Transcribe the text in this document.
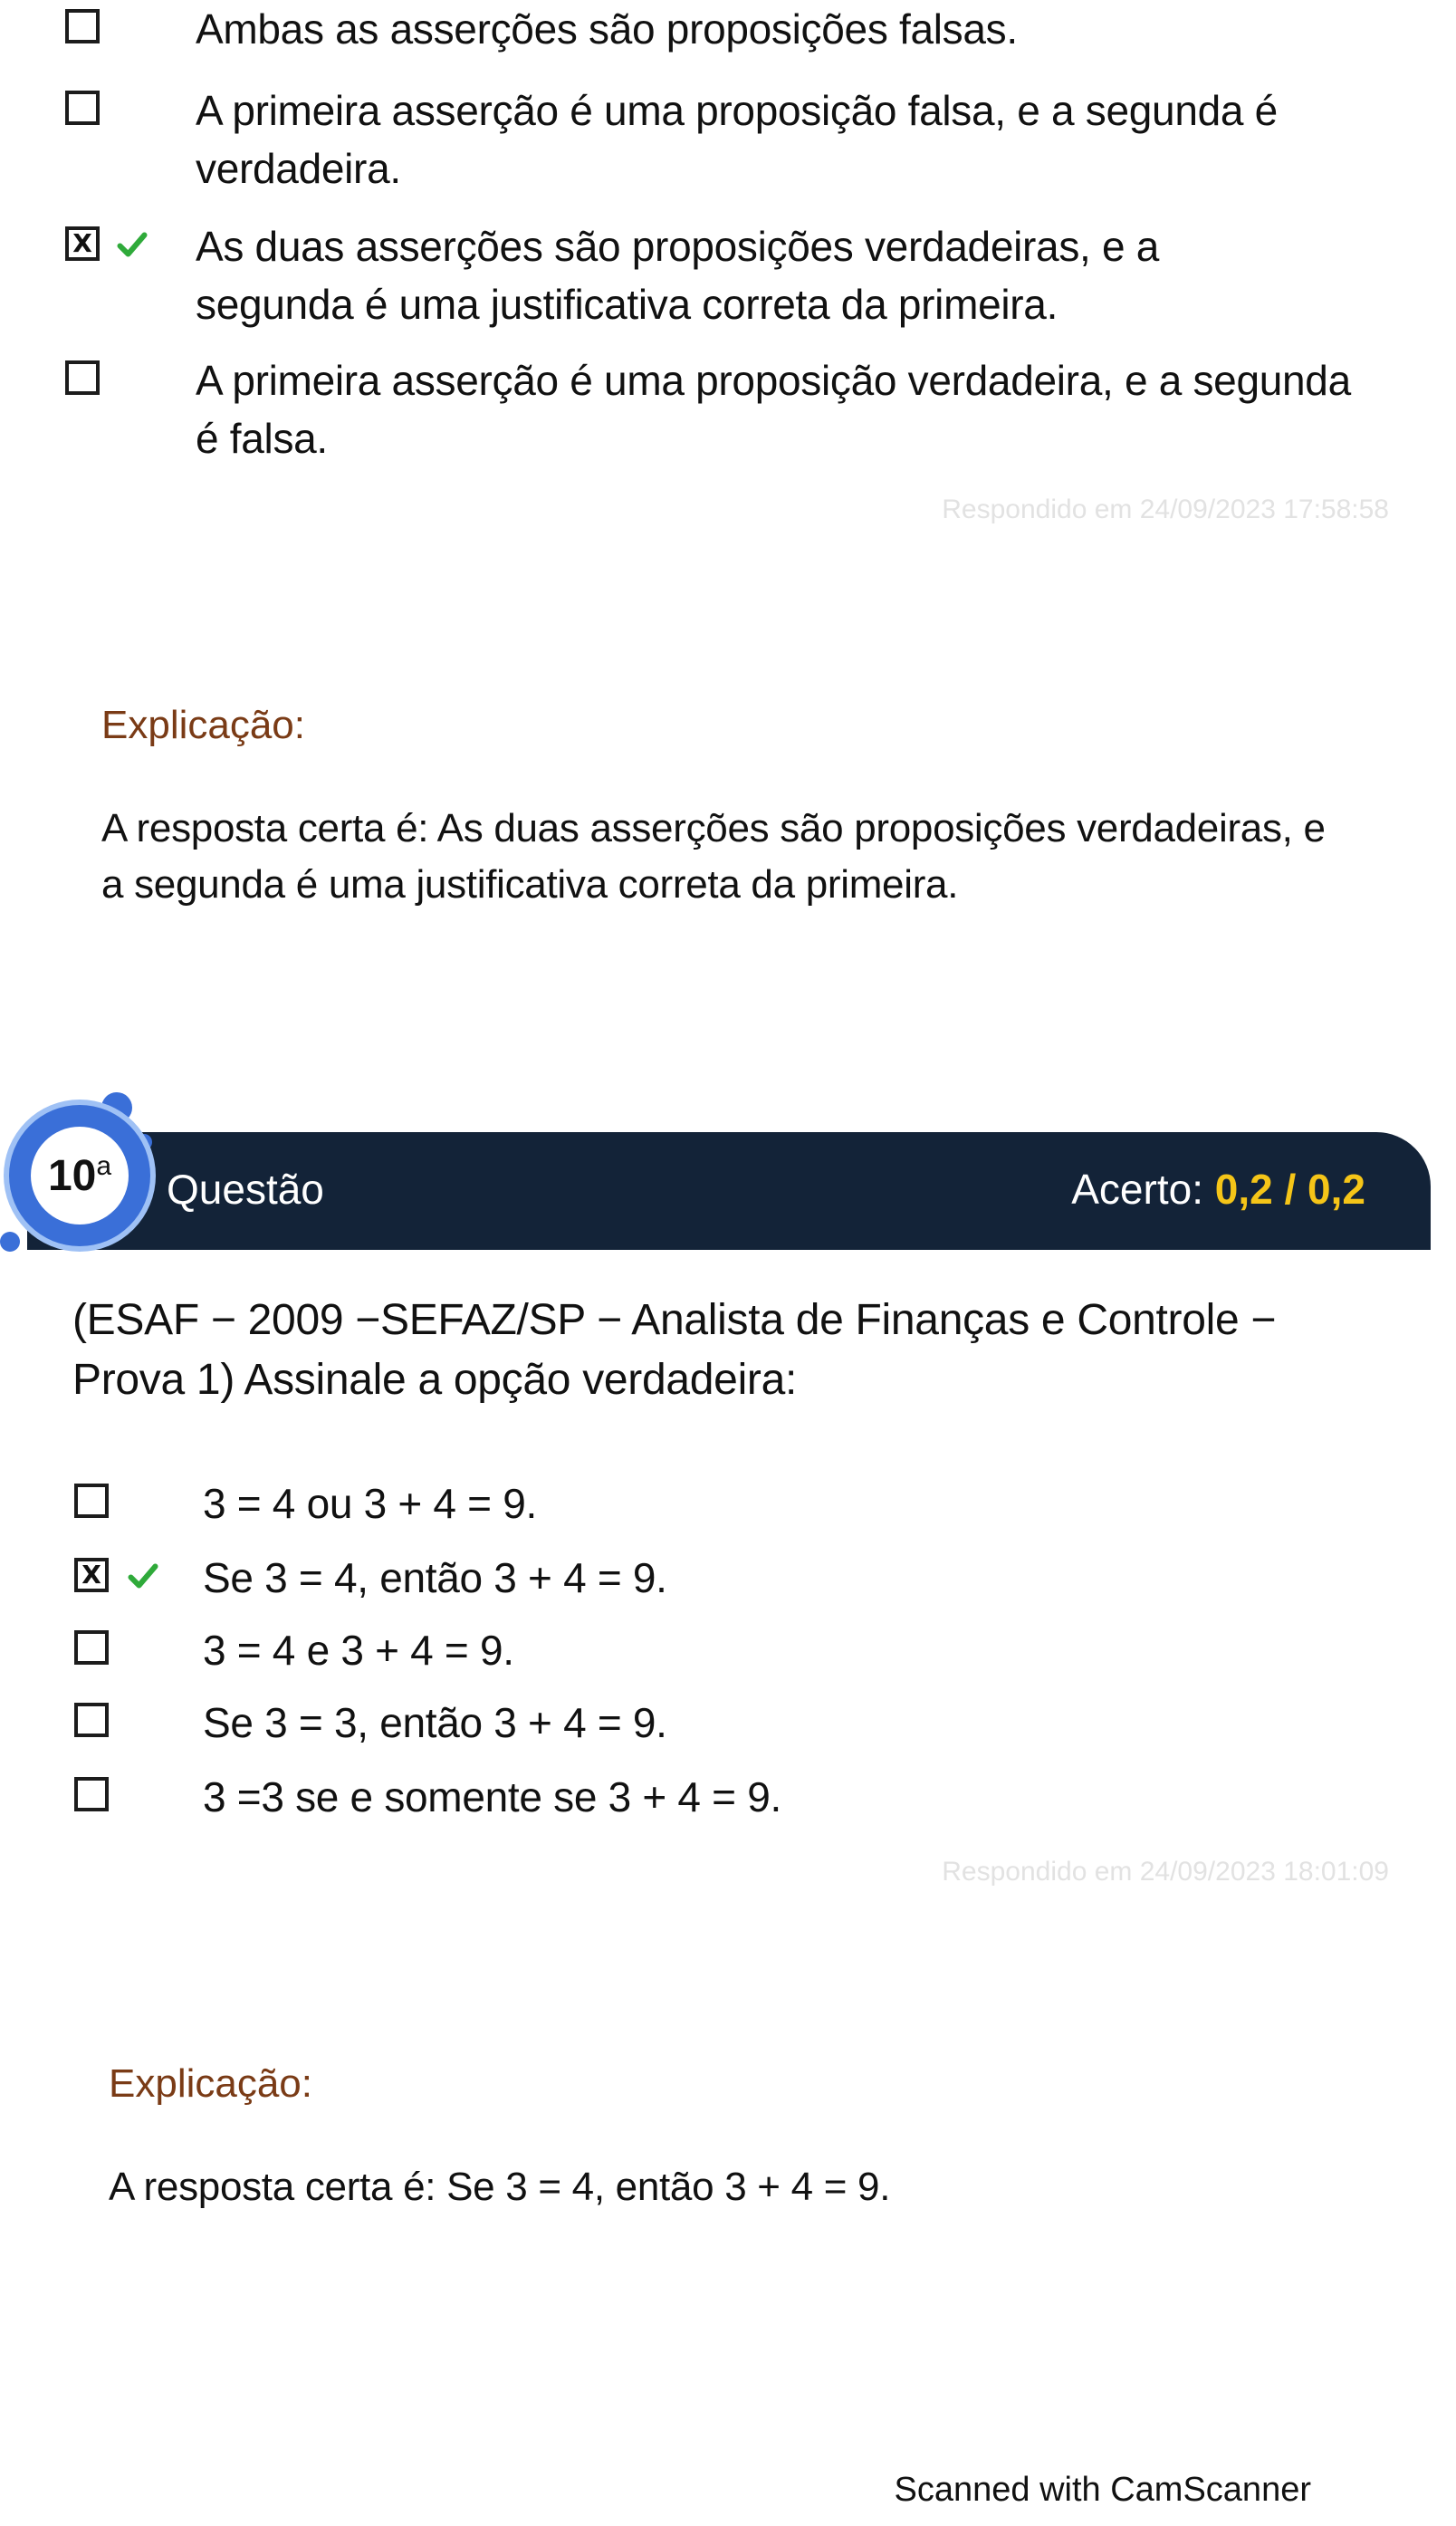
Ambas as asserções são proposições falsas.
A primeira asserção é uma proposição falsa, e a segunda é verdadeira.
X As duas asserções são proposições verdadeiras, e a segunda é uma justificativa correta da primeira.
A primeira asserção é uma proposição verdadeira, e a segunda é falsa.
Respondido em 24/09/2023 17:58:58
Explicação:
A resposta certa é: As duas asserções são proposições verdadeiras, e a segunda é uma justificativa correta da primeira.
10$^a$ Questão	Acerto: 0,2 / 0,2
(ESAF − 2009 −SEFAZ/SP − Analista de Finanças e Controle − Prova 1) Assinale a opção verdadeira:
3 = 4 ou 3 + 4 = 9.
X Se 3 = 4, então 3 + 4 = 9.
3 = 4 e 3 + 4 = 9.
Se 3 = 3, então 3 + 4 = 9.
3 =3 se e somente se 3 + 4 = 9.
Respondido em 24/09/2023 18:01:09
Explicação:
A resposta certa é: Se 3 = 4, então 3 + 4 = 9.
Scanned with CamScanner
